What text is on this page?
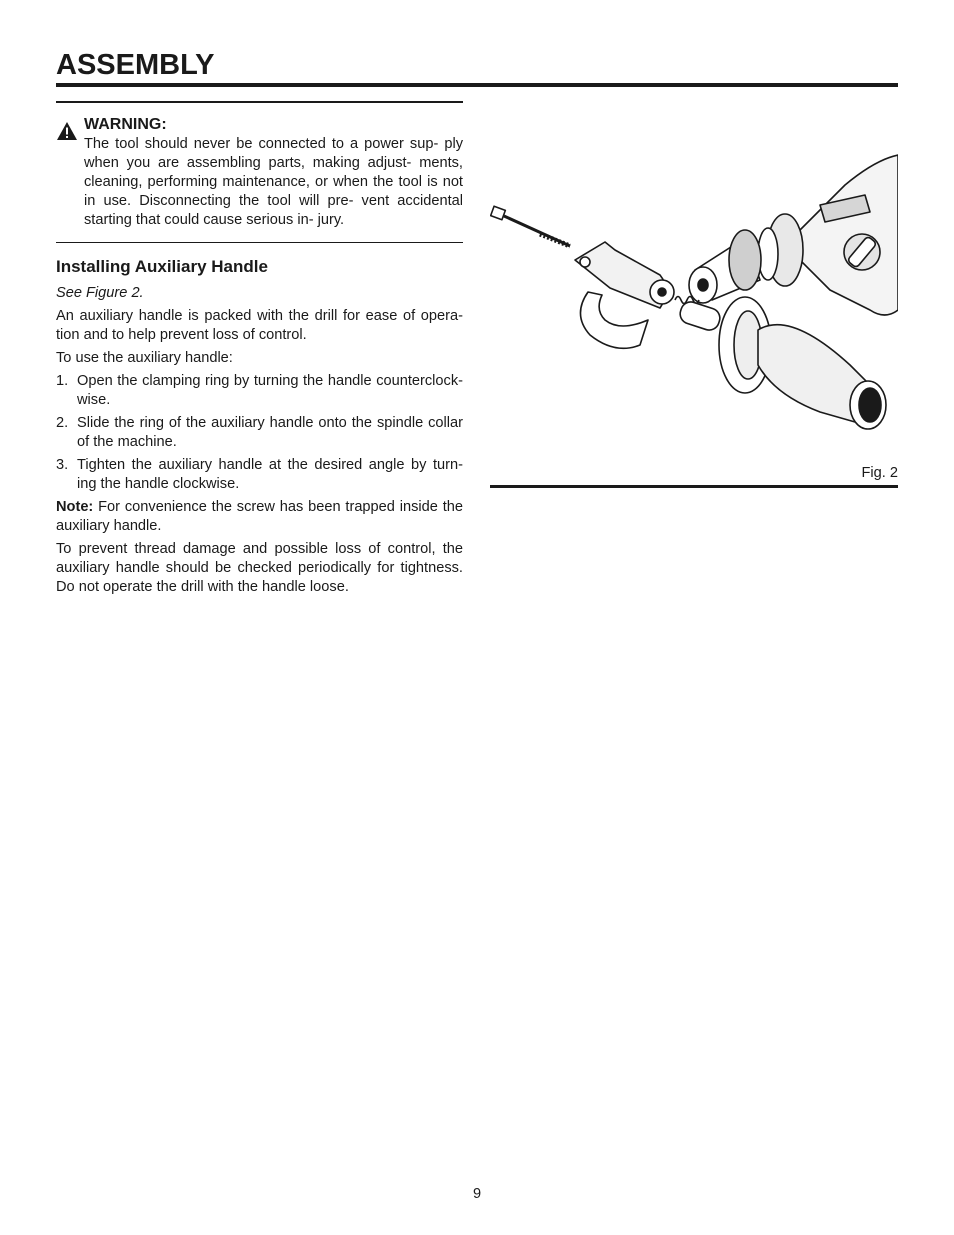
ASSEMBLY

WARNING:

The tool should never be connected to a power sup- ply when you are assembling parts, making adjust- ments, cleaning, performing maintenance, or when the tool is not in use. Disconnecting the tool will pre- vent accidental starting that could cause serious in- jury.

Installing Auxiliary Handle

See Figure 2.

An auxiliary handle is packed with the drill for ease of opera- tion and to help prevent loss of control.

To use the auxiliary handle:

1. Open the clamping ring by turning the handle counterclock- wise.
2. Slide the ring of the auxiliary handle onto the spindle collar of the machine.
3. Tighten the auxiliary handle at the desired angle by turn- ing the handle clockwise.

Note: For convenience the screw has been trapped inside the auxiliary handle.

To prevent thread damage and possible loss of control, the auxiliary handle should be checked periodically for tightness. Do not operate the drill with the handle loose.

Fig. 2
9
